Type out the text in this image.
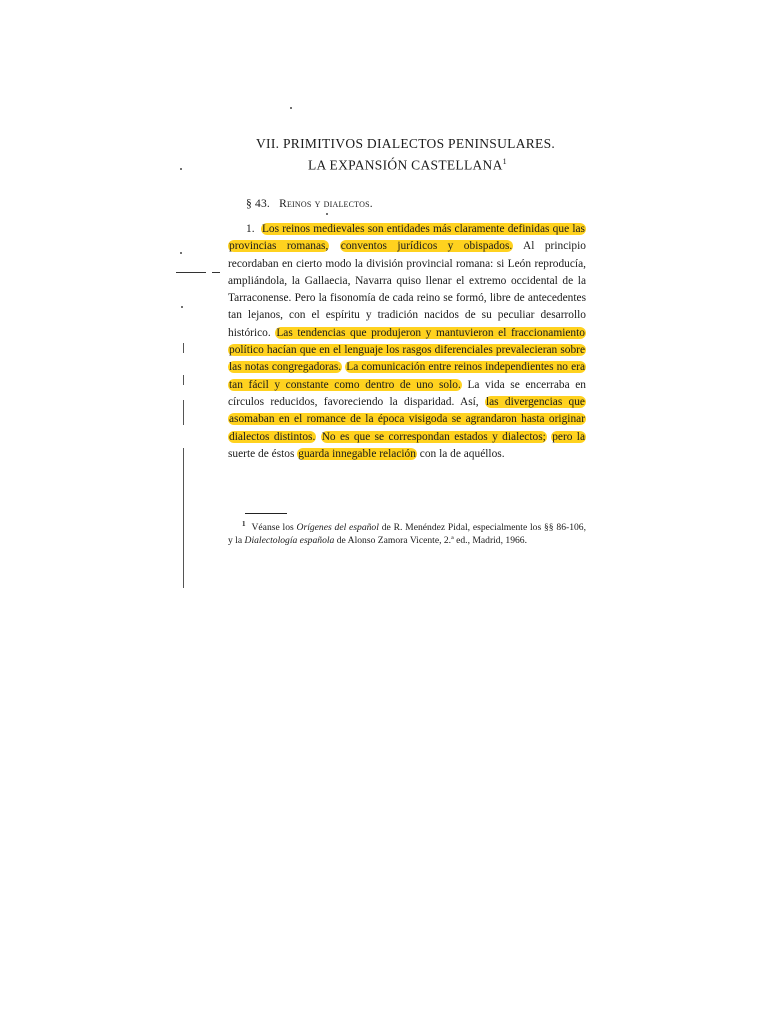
VII. PRIMITIVOS DIALECTOS PENINSULARES.
LA EXPANSIÓN CASTELLANA$^1$
§ 43. Reinos y dialectos.

1. Los reinos medievales son entidades más claramente definidas que las provincias romanas, conventos jurídicos y obispados. Al principio recordaban en cierto modo la división provincial romana: si León reproducía, ampliándola, la Gallaecia, Navarra quiso llenar el extremo occidental de la Tarraconense. Pero la fisonomía de cada reino se formó, libre de antecedentes tan lejanos, con el espíritu y tradición nacidos de su peculiar desarrollo histórico. Las tendencias que produjeron y mantuvieron el fraccionamiento político hacían que en el lenguaje los rasgos diferenciales prevalecieran sobre las notas congregadoras. La comunicación entre reinos independientes no era tan fácil y constante como dentro de uno solo. La vida se encerraba en círculos reducidos, favoreciendo la disparidad. Así, las divergencias que asomaban en el romance de la época visigoda se agrandaron hasta originar dialectos distintos. No es que se correspondan estados y dialectos; pero la suerte de éstos guarda innegable relación con la de aquéllos.

$^1$ Véanse los Orígenes del español de R. Menéndez Pidal, especialmente los §§ 86-106, y la Dialectología española de Alonso Zamora Vicente, 2.ª ed., Madrid, 1966.
